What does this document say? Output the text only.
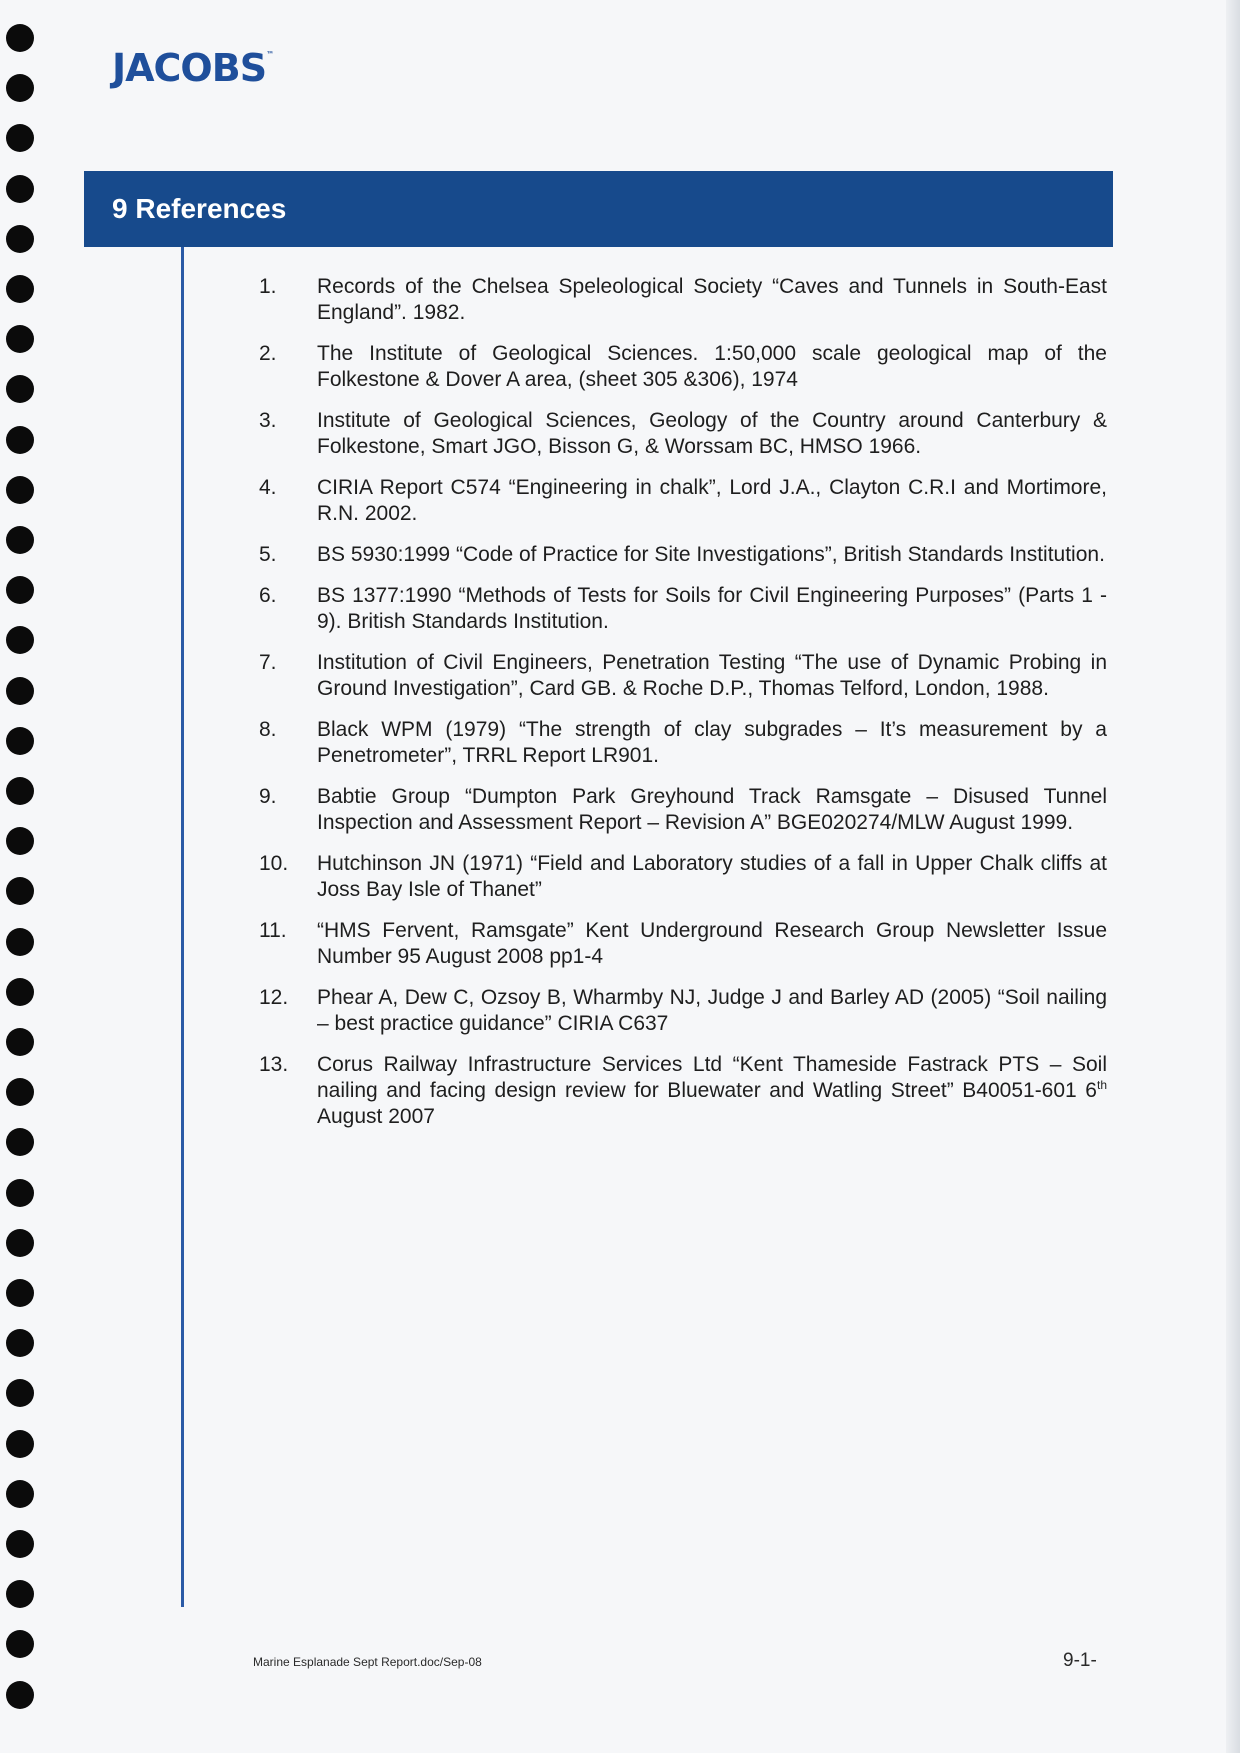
JACOBS™
9 References
1.	Records of the Chelsea Speleological Society “Caves and Tunnels in South-East England”. 1982.
2.	The Institute of Geological Sciences. 1:50,000 scale geological map of the Folkestone & Dover A area, (sheet 305 &306), 1974
3.	Institute of Geological Sciences, Geology of the Country around Canterbury & Folkestone, Smart JGO, Bisson G, & Worssam BC, HMSO 1966.
4.	CIRIA Report C574 “Engineering in chalk”, Lord J.A., Clayton C.R.I and Mortimore, R.N. 2002.
5.	BS 5930:1999 “Code of Practice for Site Investigations”, British Standards Institution.
6.	BS 1377:1990 “Methods of Tests for Soils for Civil Engineering Purposes” (Parts 1 - 9). British Standards Institution.
7.	Institution of Civil Engineers, Penetration Testing “The use of Dynamic Probing in Ground Investigation”, Card GB. & Roche D.P., Thomas Telford, London, 1988.
8.	Black WPM (1979) “The strength of clay subgrades – It’s measurement by a Penetrometer”, TRRL Report LR901.
9.	Babtie Group “Dumpton Park Greyhound Track Ramsgate – Disused Tunnel Inspection and Assessment Report – Revision A” BGE020274/MLW August 1999.
10.	Hutchinson JN (1971) “Field and Laboratory studies of a fall in Upper Chalk cliffs at Joss Bay Isle of Thanet”
11.	“HMS Fervent, Ramsgate” Kent Underground Research Group Newsletter Issue Number 95 August 2008 pp1-4
12.	Phear A, Dew C, Ozsoy B, Wharmby NJ, Judge J and Barley AD (2005) “Soil nailing – best practice guidance” CIRIA C637
13.	Corus Railway Infrastructure Services Ltd “Kent Thameside Fastrack PTS – Soil nailing and facing design review for Bluewater and Watling Street” B40051-601 6th August 2007
Marine Esplanade Sept Report.doc/Sep-08	9-1-
